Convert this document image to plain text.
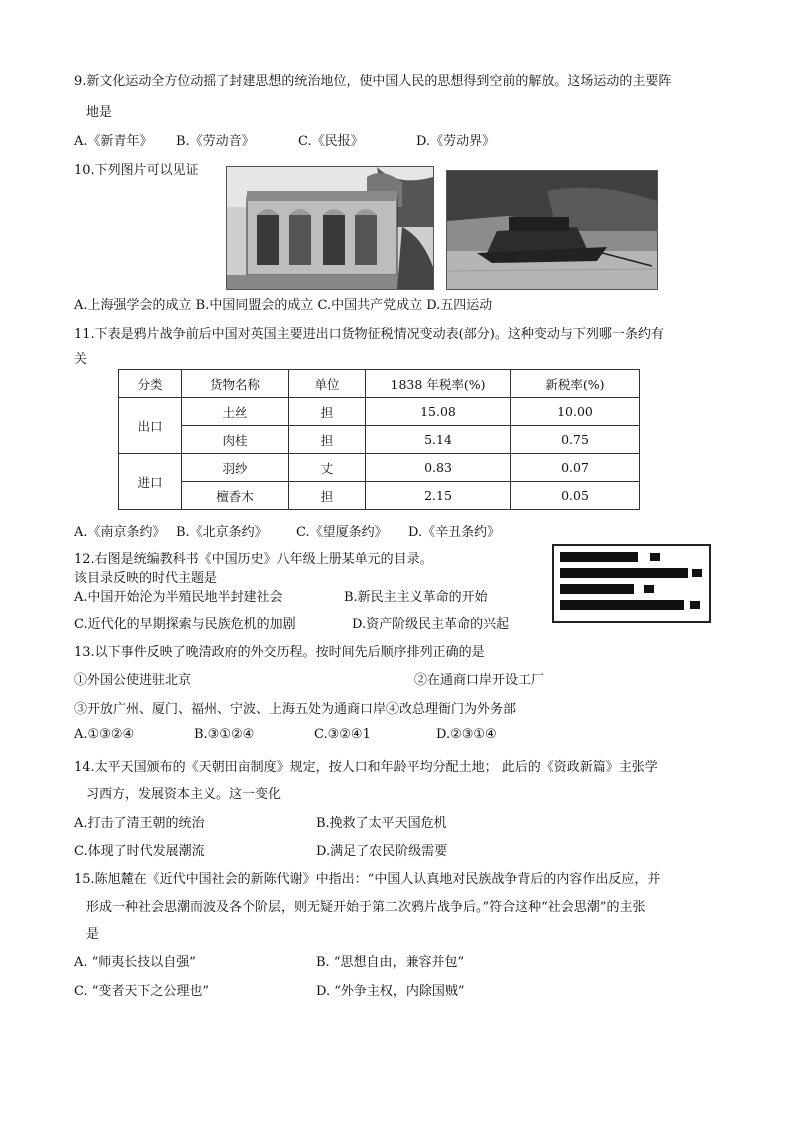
9.新文化运动全方位动摇了封建思想的统治地位，使中国人民的思想得到空前的解放。这场运动的主要阵
地是
A.《新青年》 B.《劳动音》	C.《民报》	D.《劳动界》
10.下列图片可以见证
A.上海强学会的成立 B.中国同盟会的成立 C.中国共产党成立 D.五四运动
11.下表是鸦片战争前后中国对英国主要进出口货物征税情况变动表(部分)。这种变动与下列哪一条约有
关
分类	货物名称	单位	1838 年税率(%)	新税率(%)
出口	土丝	担	15.08	10.00
	肉桂	担	5.14	0.75
进口	羽纱	丈	0.83	0.07
	檀香木	担	2.15	0.05
A.《南京条约》 B.《北京条约》 C.《望厦条约》 D.《辛丑条约》
12.右图是统编教科书《中国历史》八年级上册某单元的目录。
该目录反映的时代主题是
A.中国开始沦为半殖民地半封建社会	B.新民主主义革命的开始
C.近代化的早期探索与民族危机的加剧	D.资产阶级民主革命的兴起
13.以下事件反映了晚清政府的外交历程。按时间先后顺序排列正确的是
①外国公使进驻北京	②在通商口岸开设工厂
③开放广州、厦门、福州、宁波、上海五处为通商口岸④改总理衙门为外务部
A.①③②④	B.③①②④	C.③②④1	D.②③①④
14.太平天国颁布的《天朝田亩制度》规定，按人口和年龄平均分配土地； 此后的《资政新篇》主张学
习西方，发展资本主义。这一变化
A.打击了清王朝的统治	B.挽救了太平天国危机
C.体现了时代发展潮流	D.满足了农民阶级需要
15.陈旭麓在《近代中国社会的新陈代谢》中指出：“中国人认真地对民族战争背后的内容作出反应，并
形成一种社会思潮而波及各个阶层，则无疑开始于第二次鸦片战争后。”符合这种“社会思潮”的主张
是
A. “师夷长技以自强”	B. “思想自由，兼容并包”
C. “变者天下之公理也”	D. “外争主权，内除国贼”
